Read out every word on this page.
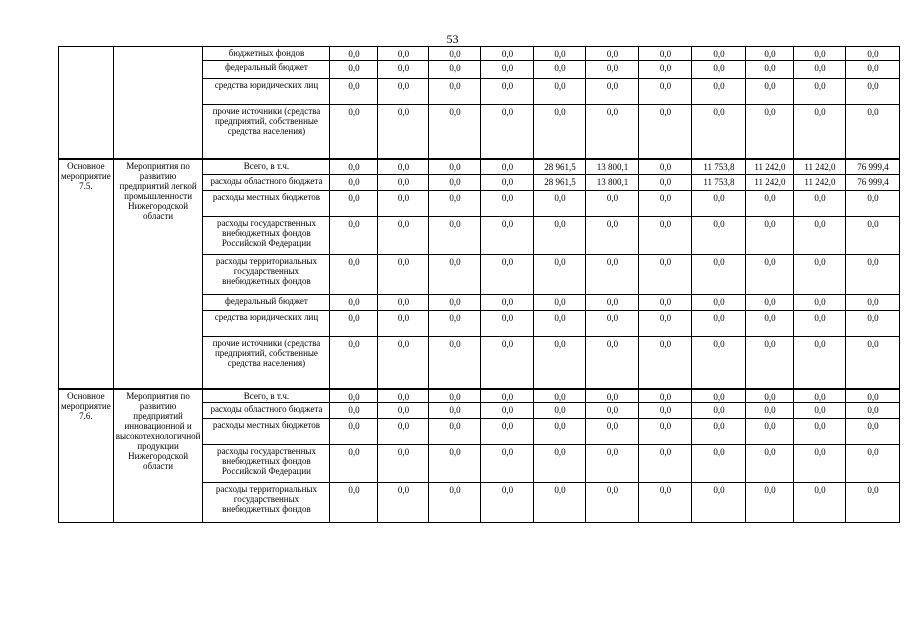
53
		бюджетных фондов	0,0	0,0	0,0	0,0	0,0	0,0	0,0	0,0	0,0	0,0	0,0
		федеральный бюджет	0,0	0,0	0,0	0,0	0,0	0,0	0,0	0,0	0,0	0,0	0,0
		средства юридических лиц	0,0	0,0	0,0	0,0	0,0	0,0	0,0	0,0	0,0	0,0	0,0
		прочие источники (средства предприятий, собственные средства населения)	0,0	0,0	0,0	0,0	0,0	0,0	0,0	0,0	0,0	0,0	0,0
Основное мероприятие 7.5.	Мероприятия по развитию предприятий легкой промышленности Нижегородской области	Всего, в т.ч.	0,0	0,0	0,0	0,0	28 961,5	13 800,1	0,0	11 753,8	11 242,0	11 242,0	76 999,4
		расходы областного бюджета	0,0	0,0	0,0	0,0	28 961,5	13 800,1	0,0	11 753,8	11 242,0	11 242,0	76 999,4
		расходы местных бюджетов	0,0	0,0	0,0	0,0	0,0	0,0	0,0	0,0	0,0	0,0	0,0
		расходы государственных внебюджетных фондов Российской Федерации	0,0	0,0	0,0	0,0	0,0	0,0	0,0	0,0	0,0	0,0	0,0
		расходы территориальных государственных внебюджетных фондов	0,0	0,0	0,0	0,0	0,0	0,0	0,0	0,0	0,0	0,0	0,0
		федеральный бюджет	0,0	0,0	0,0	0,0	0,0	0,0	0,0	0,0	0,0	0,0	0,0
		средства юридических лиц	0,0	0,0	0,0	0,0	0,0	0,0	0,0	0,0	0,0	0,0	0,0
		прочие источники (средства предприятий, собственные средства населения)	0,0	0,0	0,0	0,0	0,0	0,0	0,0	0,0	0,0	0,0	0,0
Основное мероприятие 7.6.	Мероприятия по развитию предприятий инновационной и высокотехнологичной продукции Нижегородской области	Всего, в т.ч.	0,0	0,0	0,0	0,0	0,0	0,0	0,0	0,0	0,0	0,0	0,0
		расходы областного бюджета	0,0	0,0	0,0	0,0	0,0	0,0	0,0	0,0	0,0	0,0	0,0
		расходы местных бюджетов	0,0	0,0	0,0	0,0	0,0	0,0	0,0	0,0	0,0	0,0	0,0
		расходы государственных внебюджетных фондов Российской Федерации	0,0	0,0	0,0	0,0	0,0	0,0	0,0	0,0	0,0	0,0	0,0
		расходы территориальных государственных внебюджетных фондов	0,0	0,0	0,0	0,0	0,0	0,0	0,0	0,0	0,0	0,0	0,0
